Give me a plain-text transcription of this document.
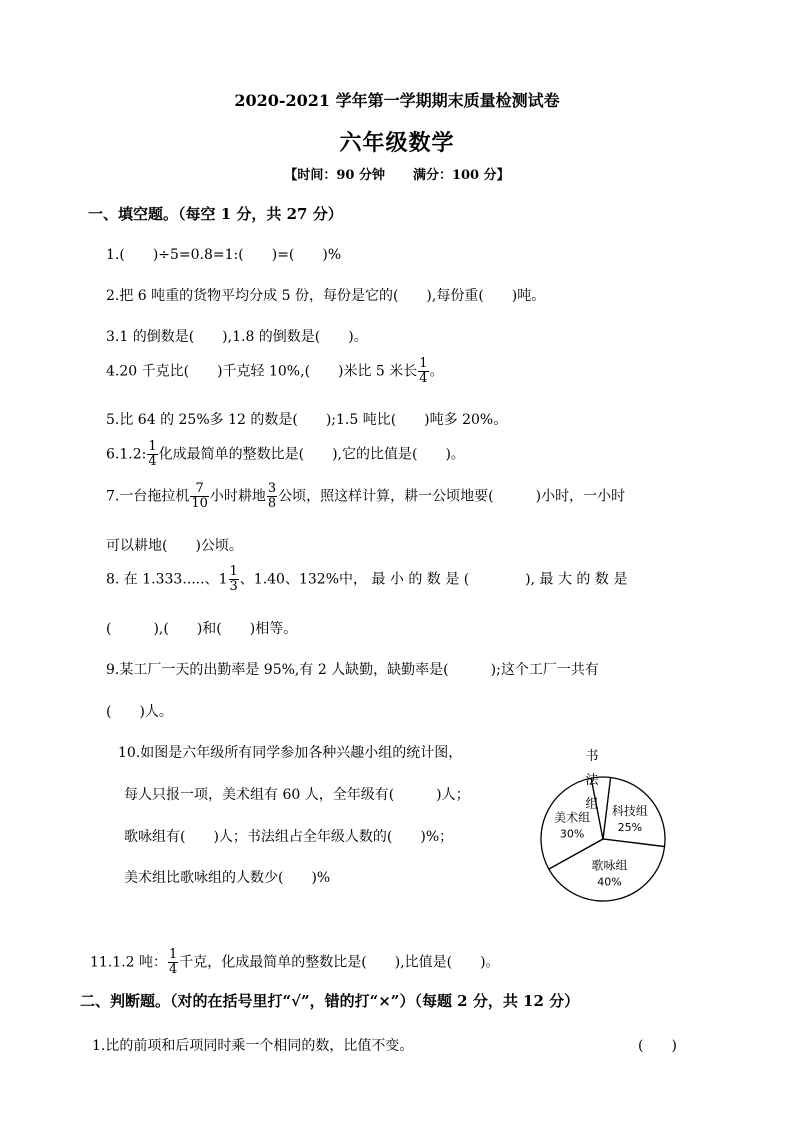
2020-2021 学年第一学期期末质量检测试卷
六年级数学
【时间：90 分钟 满分：100 分】
一、填空题。（每空 1 分，共 27 分）
1.(　　)÷5=0.8=1:(　　)=(　　)%
2.把 6 吨重的货物平均分成 5 份，每份是它的(　　),每份重(　　)吨。
3.1 的倒数是(　　),1.8 的倒数是(　　)。
4.20 千克比(　　)千克轻 10%,(　　)米比 5 米长 $\frac{1}{4}$ 。
5.比 64 的 25%多 12 的数是(　　);1.5 吨比(　　)吨多 20%。
6.1.2: $\frac{1}{4}$ 化成最简单的整数比是(　　),它的比值是(　　)。
7.一台拖拉机 $\frac{7}{10}$ 小时耕地 $\frac{3}{8}$ 公顷，照这样计算，耕一公顷地要(　　　)小时，一小时
可以耕地(　　)公顷。
8. 在 1.333.....、$1 \frac{1}{3}$ 、1.40、132%中， 最 小 的 数 是 (　　　　), 最 大 的 数 是
(　　　),(　　)和(　　)相等。
9.某工厂一天的出勤率是 95%,有 2 人缺勤，缺勤率是(　　　);这个工厂一共有
(　　)人。
10.如图是六年级所有同学参加各种兴趣小组的统计图，
每人只报一项，美术组有 60 人，全年级有(　　　)人；
歌咏组有(　　)人；书法组占全年级人数的(　　)%；
美术组比歌咏组的人数少(　　)%
科技组
25%
歌咏组
40%
美术组
30%
书
法
组
11.1.2 吨： $\frac{1}{4}$ 千克，化成最简单的整数比是(　　),比值是(　　)。
二、判断题。（对的在括号里打“√”，错的打“×”）（每题 2 分，共 12 分）
1.比的前项和后项同时乘一个相同的数，比值不变。	(　　)
